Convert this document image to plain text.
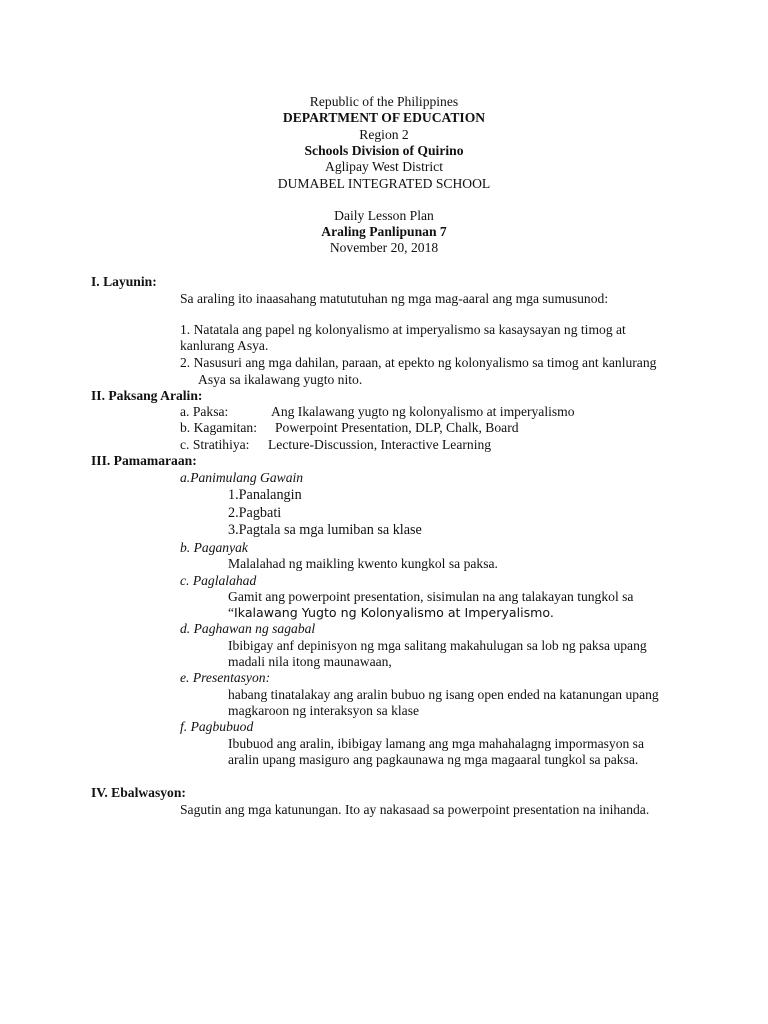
Republic of the Philippines
DEPARTMENT OF EDUCATION
Region 2
Schools Division of Quirino
Aglipay West District
DUMABEL INTEGRATED SCHOOL
Daily Lesson Plan
Araling Panlipunan 7
November 20, 2018
I. Layunin:
Sa araling ito inaasahang matututuhan ng mga mag-aaral ang mga sumusunod:
1. Natatala ang papel ng kolonyalismo at imperyalismo sa kasaysayan ng timog at
kanlurang Asya.
2. Nasusuri ang mga dahilan, paraan, at epekto ng kolonyalismo sa timog ant kanlurang
Asya sa ikalawang yugto nito.
II. Paksang Aralin:
a. Paksa:	Ang Ikalawang yugto ng kolonyalismo at imperyalismo
b. Kagamitan: Powerpoint Presentation, DLP, Chalk, Board
c. Stratihiya: Lecture-Discussion, Interactive Learning
III. Pamamaraan:
a.Panimulang Gawain
1.Panalangin
2.Pagbati
3.Pagtala sa mga lumiban sa klase
b. Paganyak
Malalahad ng maikling kwento kungkol sa paksa.
c. Paglalahad
Gamit ang powerpoint presentation, sisimulan na ang talakayan tungkol sa
“Ikalawang Yugto ng Kolonyalismo at Imperyalismo.
d. Paghawan ng sagabal
Ibibigay anf depinisyon ng mga salitang makahulugan sa lob ng paksa upang
madali nila itong maunawaan,
e. Presentasyon:
habang tinatalakay ang aralin bubuo ng isang open ended na katanungan upang
magkaroon ng interaksyon sa klase
f. Pagbubuod
Ibubuod ang aralin, ibibigay lamang ang mga mahahalagng impormasyon sa
aralin upang masiguro ang pagkaunawa ng mga magaaral tungkol sa paksa.
IV. Ebalwasyon:
Sagutin ang mga katunungan. Ito ay nakasaad sa powerpoint presentation na inihanda.
